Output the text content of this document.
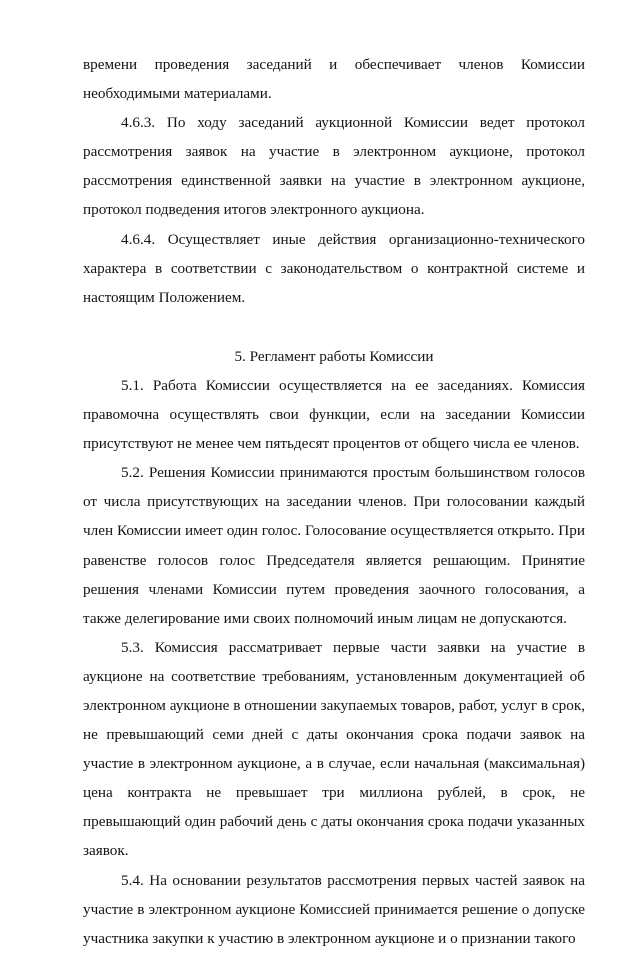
времени проведения заседаний и обеспечивает членов Комиссии необходимыми материалами.

4.6.3. По ходу заседаний аукционной Комиссии ведет протокол рассмотрения заявок на участие в электронном аукционе, протокол рассмотрения единственной заявки на участие в электронном аукционе, протокол подведения итогов электронного аукциона.

4.6.4. Осуществляет иные действия организационно-технического характера в соответствии с законодательством о контрактной системе и настоящим Положением.

5. Регламент работы Комиссии

5.1. Работа Комиссии осуществляется на ее заседаниях. Комиссия правомочна осуществлять свои функции, если на заседании Комиссии присутствуют не менее чем пятьдесят процентов от общего числа ее членов.

5.2. Решения Комиссии принимаются простым большинством голосов от числа присутствующих на заседании членов. При голосовании каждый член Комиссии имеет один голос. Голосование осуществляется открыто. При равенстве голосов голос Председателя является решающим. Принятие решения членами Комиссии путем проведения заочного голосования, а также делегирование ими своих полномочий иным лицам не допускаются.

5.3. Комиссия рассматривает первые части заявки на участие в аукционе на соответствие требованиям, установленным документацией об электронном аукционе в отношении закупаемых товаров, работ, услуг в срок, не превышающий семи дней с даты окончания срока подачи заявок на участие в электронном аукционе, а в случае, если начальная (максимальная) цена контракта не превышает три миллиона рублей, в срок, не превышающий один рабочий день с даты окончания срока подачи указанных заявок.

5.4. На основании результатов рассмотрения первых частей заявок на участие в электронном аукционе Комиссией принимается решение о допуске участника закупки к участию в электронном аукционе и о признании такого
